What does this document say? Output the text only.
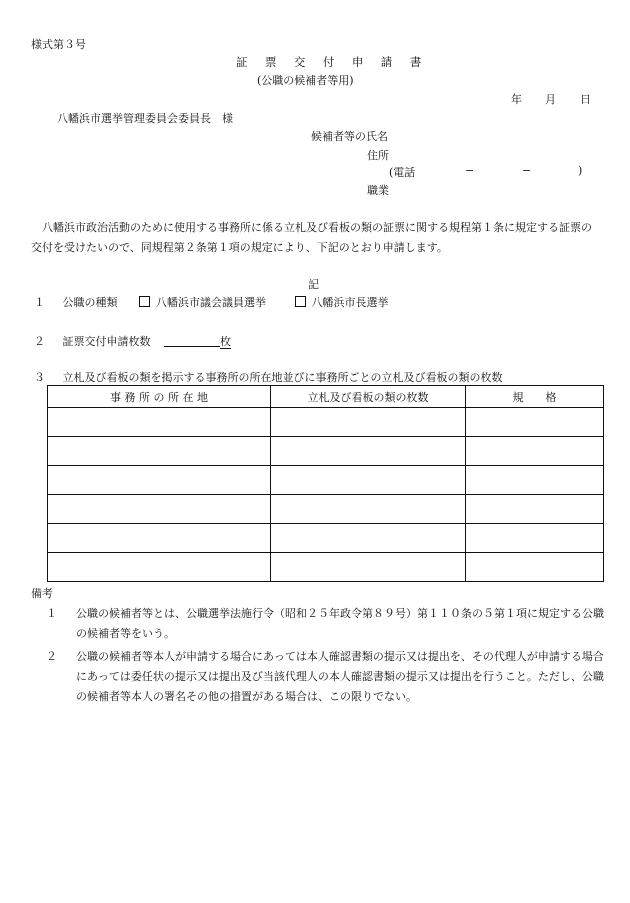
様式第３号
証 票 交 付 申 請 書
(公職の候補者等用)
年 月 日
八幡浜市選挙管理委員会委員長　様
候補者等の氏名
住所
(電話	−	−	)
職業
八幡浜市政治活動のために使用する事務所に係る立札及び看板の類の証票に関する規程第１条に規定する証票の交付を受けたいので、同規程第２条第１項の規定により、下記のとおり申請します。
記
１ 公職の種類	八幡浜市議会議員選挙	八幡浜市長選挙
２ 証票交付申請枚数	枚
３ 立札及び看板の類を掲示する事務所の所在地並びに事務所ごとの立札及び看板の類の枚数
事 務 所 の 所 在 地	立札及び看板の類の枚数	規　　格

備考
１	公職の候補者等とは、公職選挙法施行令（昭和２５年政令第８９号）第１１０条の５第１項に規定する公職の候補者等をいう。
２	公職の候補者等本人が申請する場合にあっては本人確認書類の提示又は提出を、その代理人が申請する場合にあっては委任状の提示又は提出及び当該代理人の本人確認書類の提示又は提出を行うこと。ただし、公職の候補者等本人の署名その他の措置がある場合は、この限りでない。
